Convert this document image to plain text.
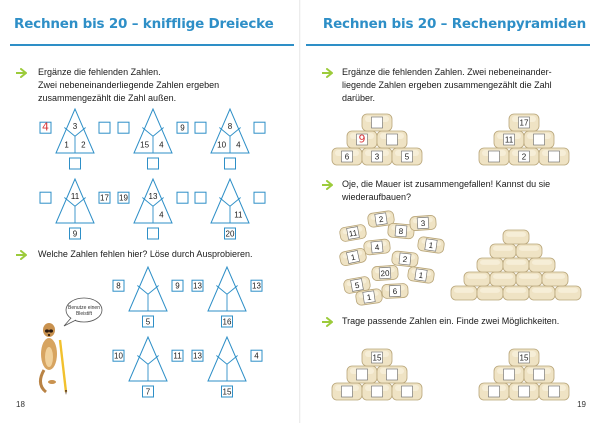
Rechnen bis 20 – knifflige Dreiecke
Ergänze die fehlenden Zahlen.
Zwei nebeneinanderliegende Zahlen ergeben
zusammengezählt die Zahl außen.
3
1 2
4
15 4
9	8
10 4
11	17
9
13
4
19
11
20
8	9
5
13	13
16
10	11
7
13	4
15
Welche Zahlen fehlen hier? Löse durch Ausprobieren.
Benutze einen
Bleistift
18
Rechnen bis 20 – Rechenpyramiden
Ergänze die fehlenden Zahlen. Zwei nebeneinander-
liegende Zahlen ergeben zusammengezählt die Zahl
darüber.
Oje, die Mauer ist zusammengefallen! Kannst du sie
wiederaufbauen?
Trage passende Zahlen ein. Finde zwei Möglichkeiten.
6	3	5
9
2
11
17
15	15
2
11	8
3
4	1
1	2
20	1
5
6
1
19
